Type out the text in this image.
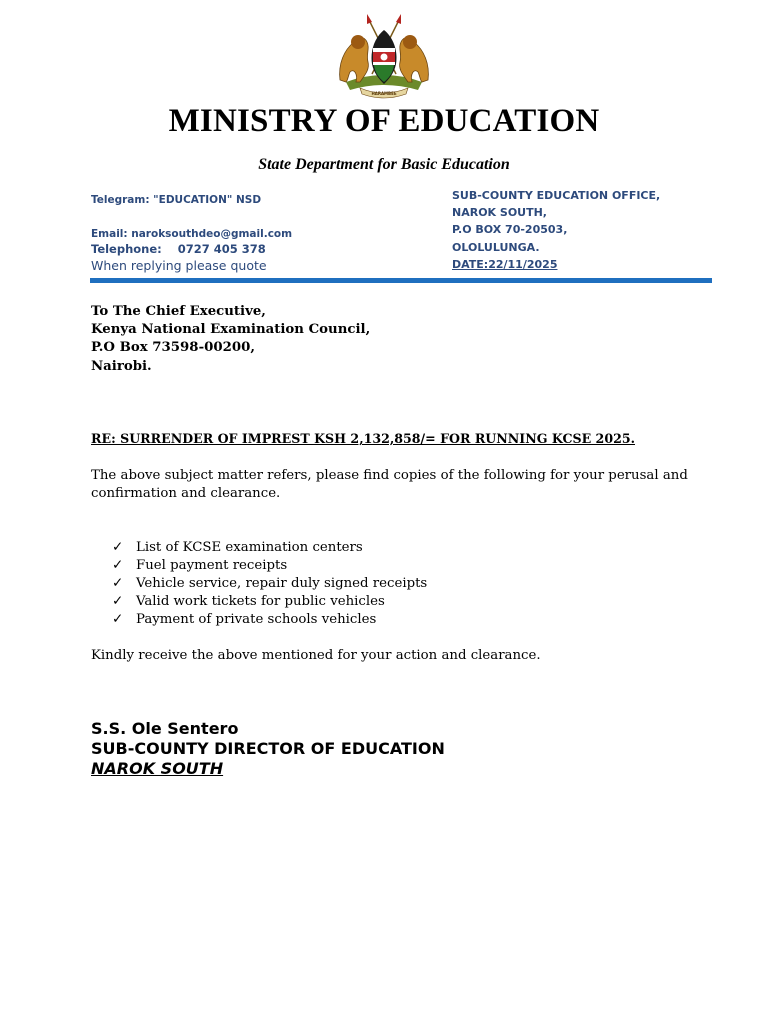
HARAMBEE
MINISTRY OF EDUCATION
State Department for Basic Education
Telegram: "EDUCATION" NSD
Email: naroksouthdeo@gmail.com
Telephone: 0727 405 378
When replying please quote
SUB-COUNTY EDUCATION OFFICE,
NAROK SOUTH,
P.O BOX 70-20503,
OLOLULUNGA.
DATE:22/11/2025
To The Chief Executive,
Kenya National Examination Council,
P.O Box 73598-00200,
Nairobi.
RE: SURRENDER OF IMPREST KSH 2,132,858/= FOR RUNNING KCSE 2025.
The above subject matter refers, please find copies of the following for your perusal and confirmation and clearance.
✓ List of KCSE examination centers
✓ Fuel payment receipts
✓ Vehicle service, repair duly signed receipts
✓ Valid work tickets for public vehicles
✓ Payment of private schools vehicles
Kindly receive the above mentioned for your action and clearance.
S.S. Ole Sentero
SUB-COUNTY DIRECTOR OF EDUCATION
NAROK SOUTH
